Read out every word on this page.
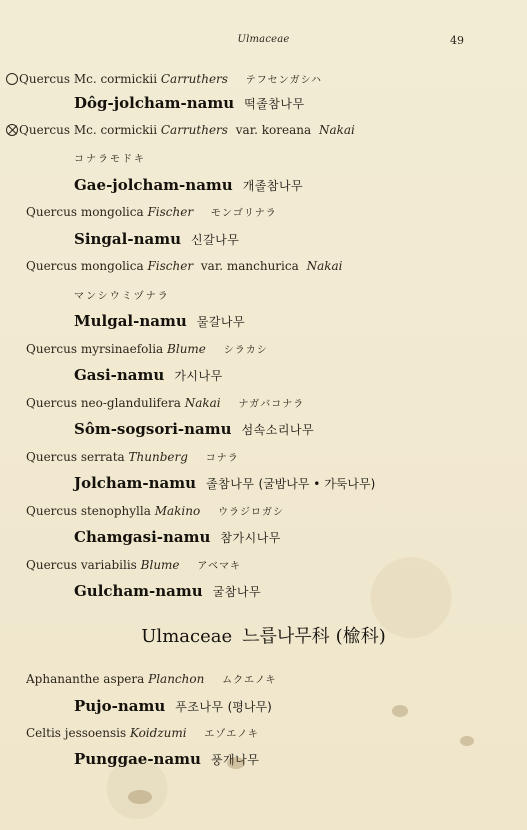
Ulmaceae	49
Quercus Mc. cormickii Carruthers テフセンガシハ
Dôg-jolcham-namu 떡졸참나무
Quercus Mc. cormickii Carruthers var. koreana Nakai
コナラモドキ
Gae-jolcham-namu 개졸참나무
Quercus mongolica Fischer モンゴリナラ
Singal-namu 신갈나무
Quercus mongolica Fischer var. manchurica Nakai
マンシウミヅナラ
Mulgal-namu 물갈나무
Quercus myrsinaefolia Blume シラカシ
Gasi-namu 가시나무
Quercus neo-glandulifera Nakai ナガバコナラ
Sôm-sogsori-namu 섬속소리나무
Quercus serrata Thunberg コナラ
Jolcham-namu 졸참나무 (굴밤나무 • 가둑나무)
Quercus stenophylla Makino ウラジロガシ
Chamgasi-namu 참가시나무
Quercus variabilis Blume アベマキ
Gulcham-namu 굴참나무
Ulmaceae 느릅나무科 (楡科)
Aphananthe aspera Planchon ムクエノキ
Pujo-namu 푸조나무 (평나무)
Celtis jessoensis Koidzumi エゾエノキ
Punggae-namu 풍개나무
